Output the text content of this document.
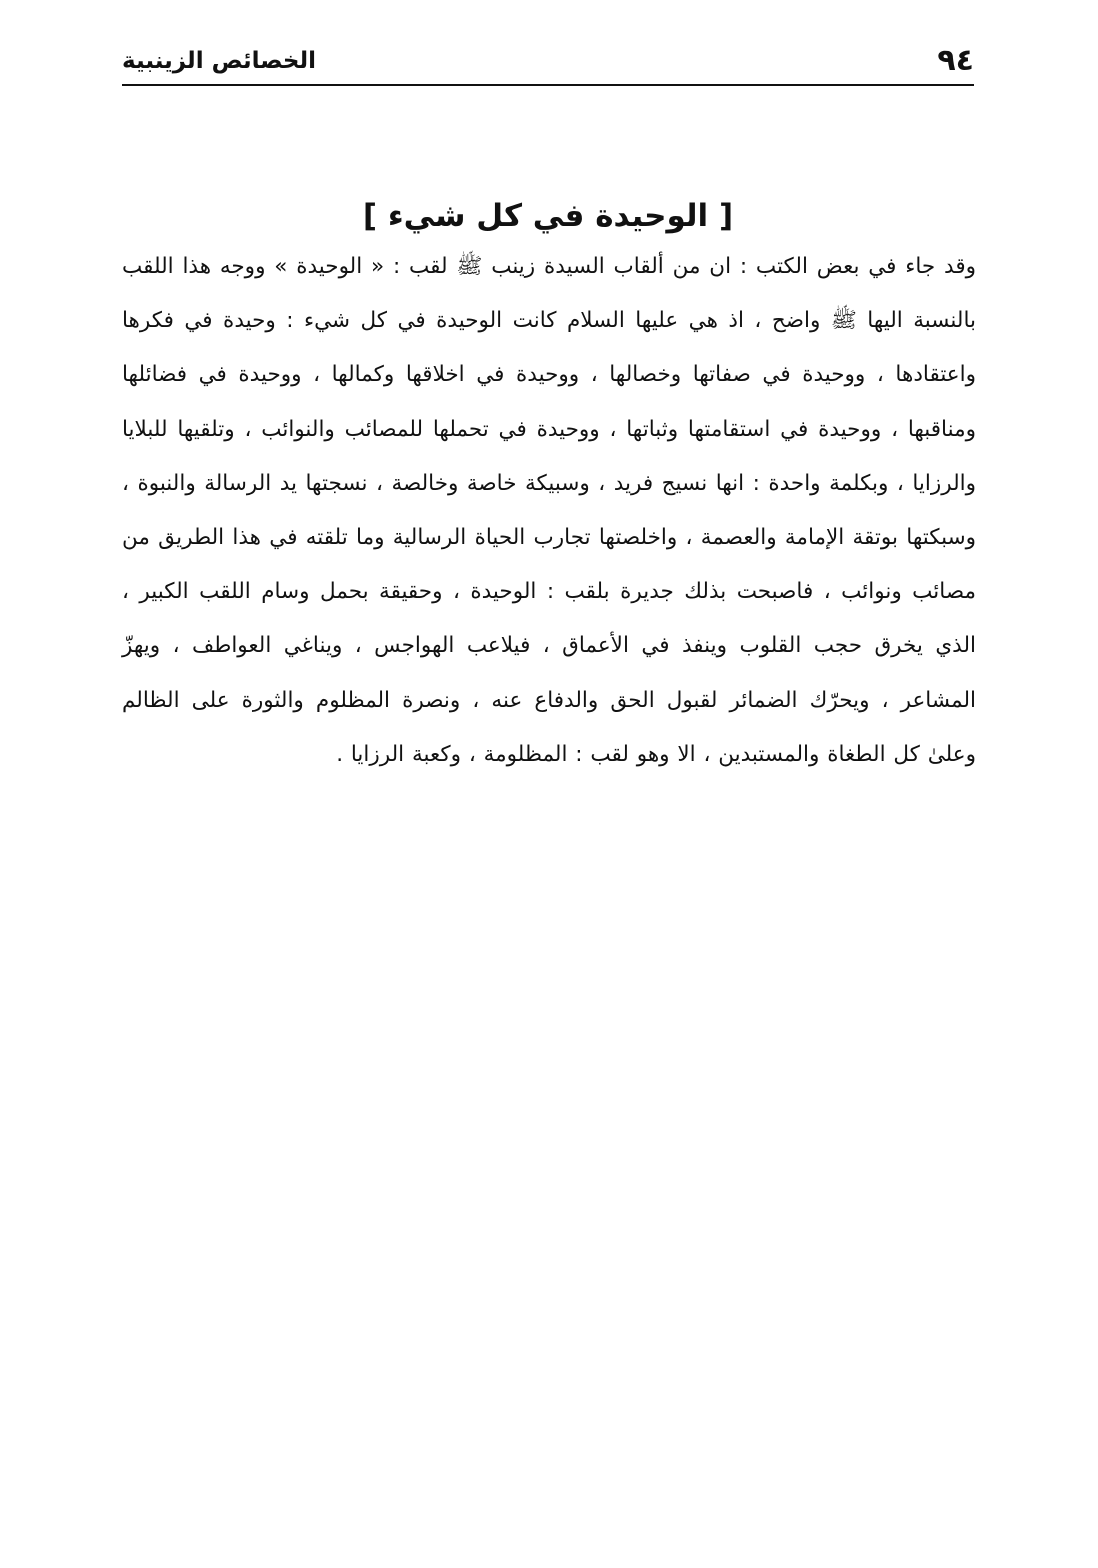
٩٤
الخصائص الزينبية
[ الوحيدة في كل شيء ]

وقد جاء في بعض الكتب : ان من ألقاب السيدة زينب ﷺ لقب : « الوحيدة » ووجه هذا اللقب بالنسبة اليها ﷺ واضح ، اذ هي عليها السلام كانت الوحيدة في كل شيء : وحيدة في فكرها واعتقادها ، ووحيدة في صفاتها وخصالها ، ووحيدة في اخلاقها وكمالها ، ووحيدة في فضائلها ومناقبها ، ووحيدة في استقامتها وثباتها ، ووحيدة في تحملها للمصائب والنوائب ، وتلقيها للبلايا والرزايا ، وبكلمة واحدة : انها نسيج فريد ، وسبيكة خاصة وخالصة ، نسجتها يد الرسالة والنبوة ، وسبكتها بوتقة الإمامة والعصمة ، واخلصتها تجارب الحياة الرسالية وما تلقته في هذا الطريق من مصائب ونوائب ، فاصبحت بذلك جديرة بلقب : الوحيدة ، وحقيقة بحمل وسام اللقب الكبير ، الذي يخرق حجب القلوب وينفذ في الأعماق ، فيلاعب الهواجس ، ويناغي العواطف ، ويهزّ المشاعر ، ويحرّك الضمائر لقبول الحق والدفاع عنه ، ونصرة المظلوم والثورة على الظالم وعلىٰ كل الطغاة والمستبدين ، الا وهو لقب : المظلومة ، وكعبة الرزايا .
